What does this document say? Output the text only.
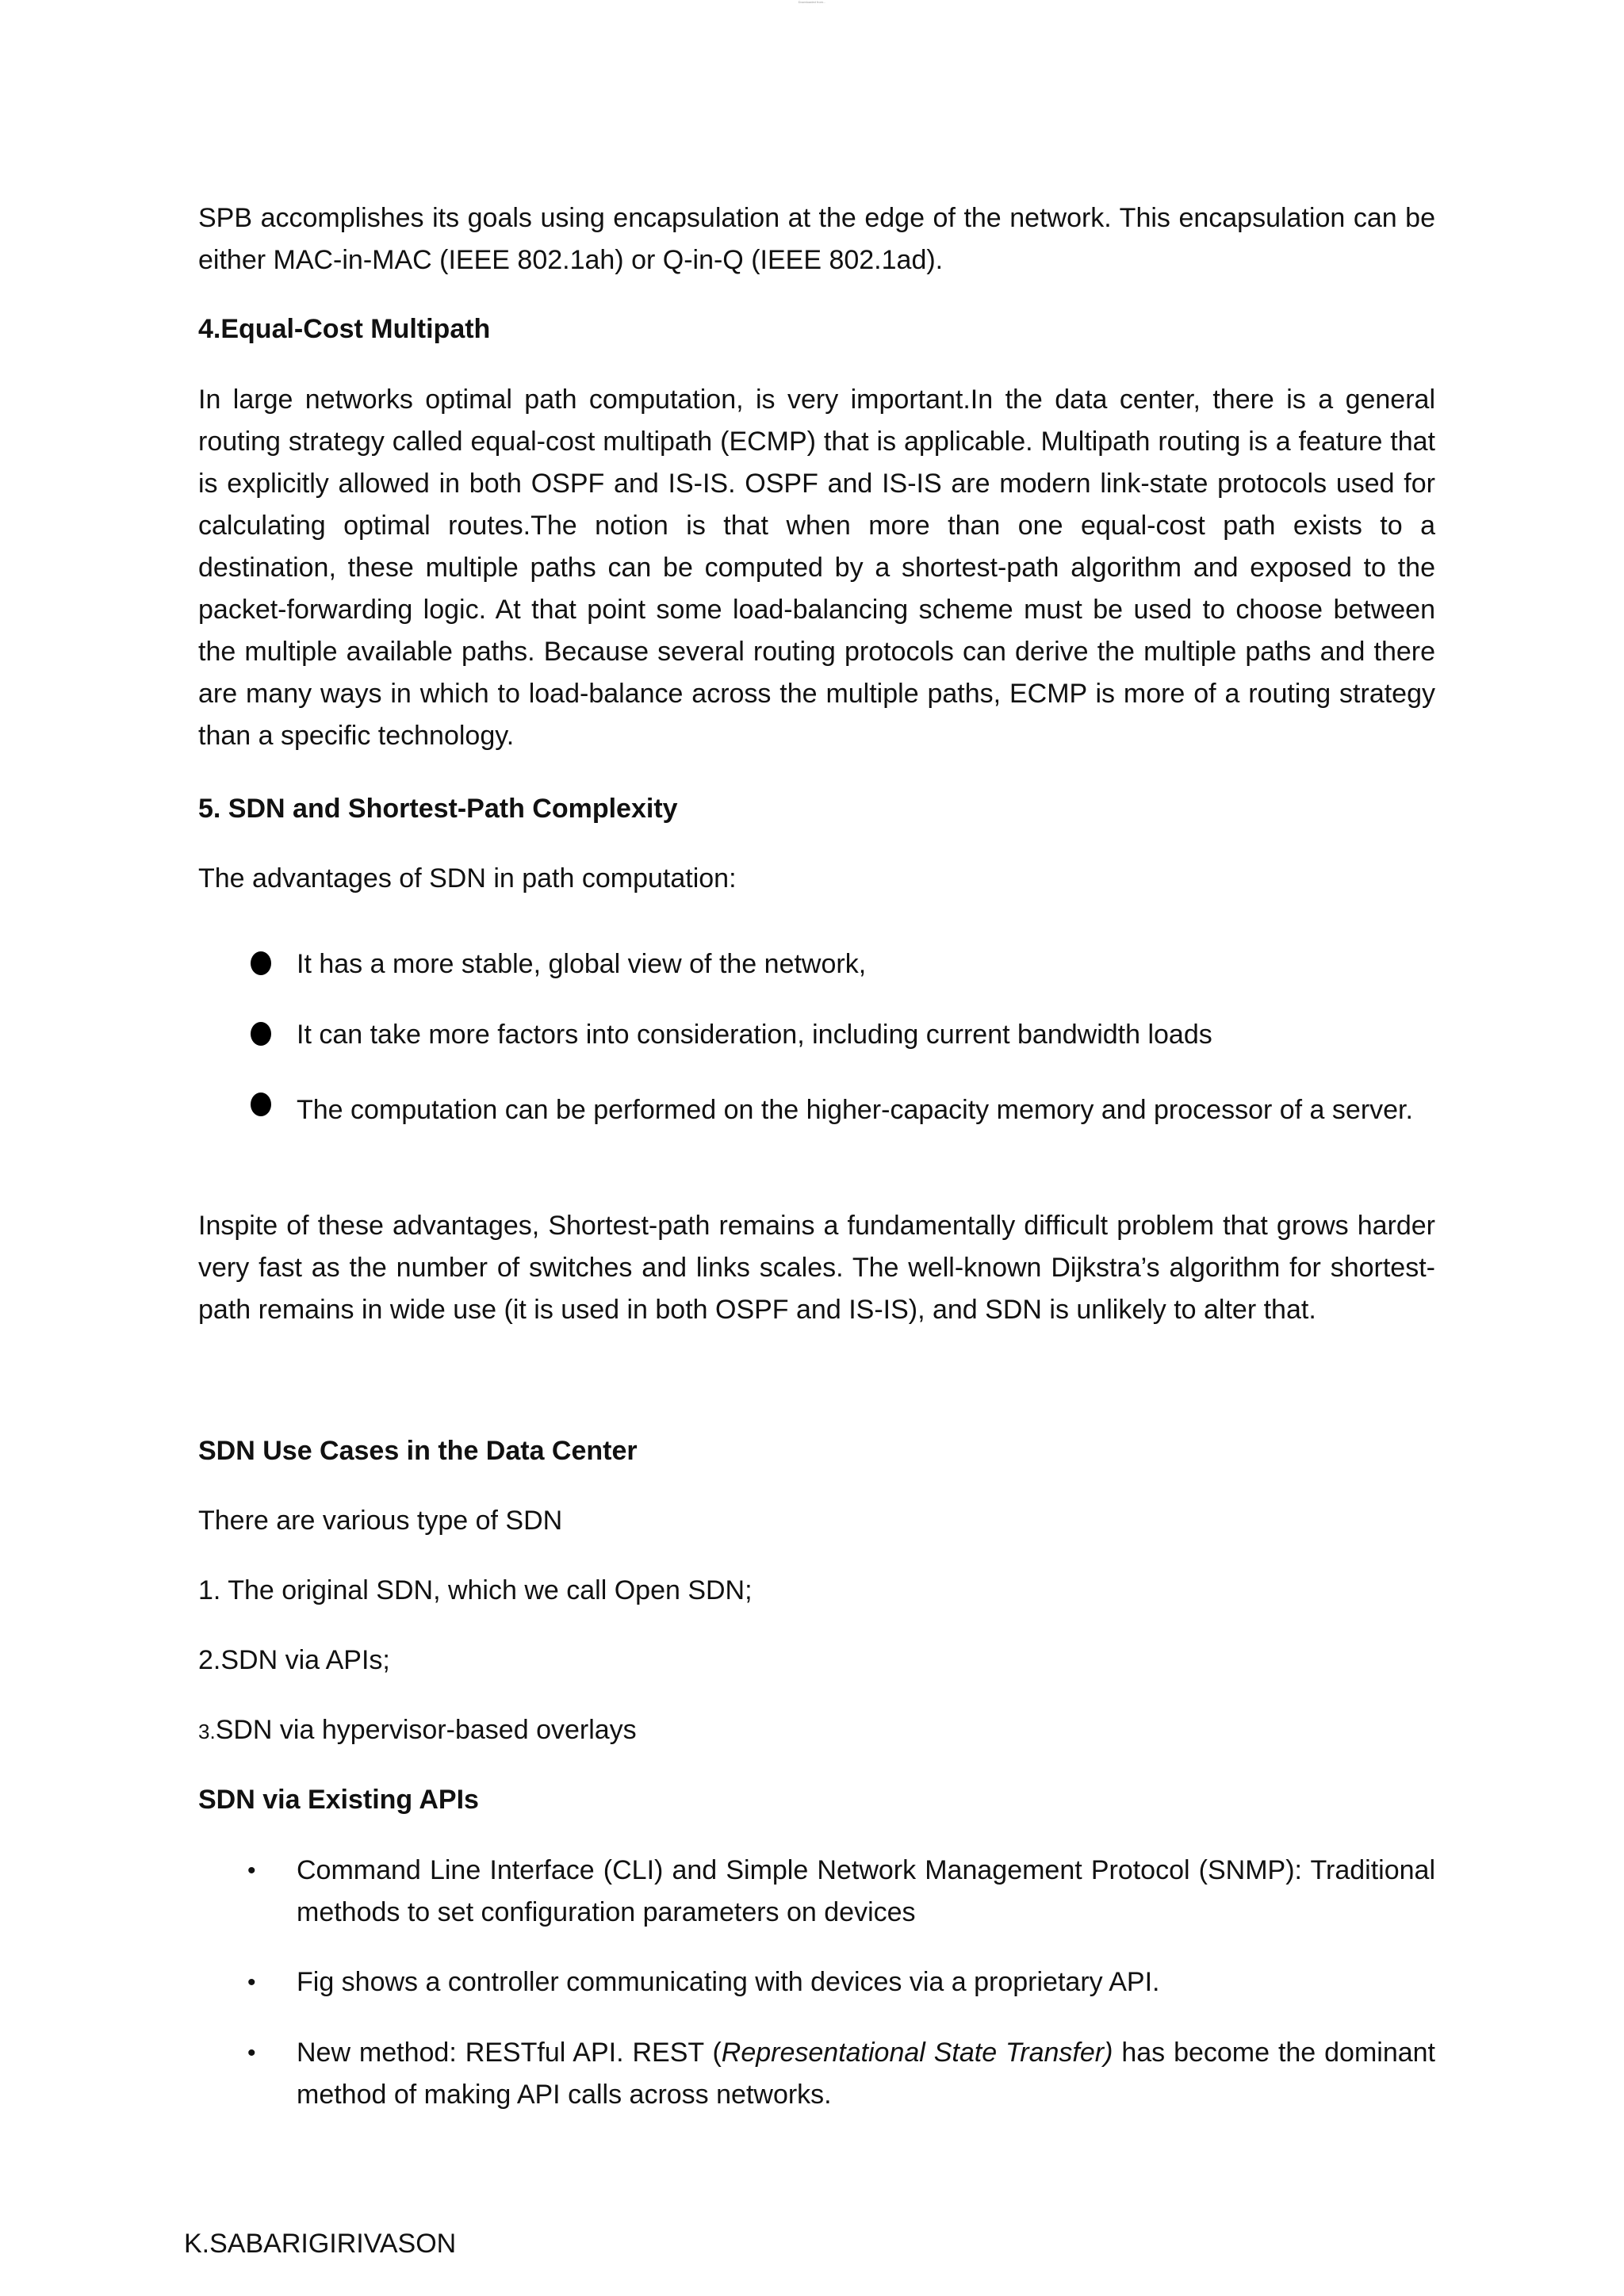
Downloaded from...

SPB accomplishes its goals using encapsulation at the edge of the network. This encapsulation can be either MAC-in-MAC (IEEE 802.1ah) or Q-in-Q (IEEE 802.1ad).

4.Equal-Cost Multipath

In large networks optimal path computation, is very important.In the data center, there is a general routing strategy called equal-cost multipath (ECMP) that is applicable. Multipath routing is a feature that is explicitly allowed in both OSPF and IS-IS. OSPF and IS-IS are modern link-state protocols used for calculating optimal routes.The notion is that when more than one equal-cost path exists to a destination, these multiple paths can be computed by a shortest-path algorithm and exposed to the packet-forwarding logic. At that point some load-balancing scheme must be used to choose between the multiple available paths. Because several routing protocols can derive the multiple paths and there are many ways in which to load-balance across the multiple paths, ECMP is more of a routing strategy than a specific technology.

5. SDN and Shortest-Path Complexity

The advantages of SDN in path computation:

It has a more stable, global view of the network,

It can take more factors into consideration, including current bandwidth loads

The computation can be performed on the higher-capacity memory and processor of a server.

Inspite of these advantages, Shortest-path remains a fundamentally difﬁcult problem that grows harder very fast as the number of switches and links scales. The well-known Dijkstra’s algorithm for shortest-path remains in wide use (it is used in both OSPF and IS-IS), and SDN is unlikely to alter that.

SDN Use Cases in the Data Center

There are various type of SDN

1. The original SDN, which we call Open SDN;

2.SDN via APIs;

3.SDN via hypervisor-based overlays

SDN via Existing APIs

• Command Line Interface (CLI) and Simple Network Management Protocol (SNMP): Traditional methods to set configuration parameters on devices

• Fig shows a controller communicating with devices via a proprietary API.

• New method: RESTful API. REST (Representational State Transfer) has become the dominant method of making API calls across networks.

K.SABARIGIRIVASON
